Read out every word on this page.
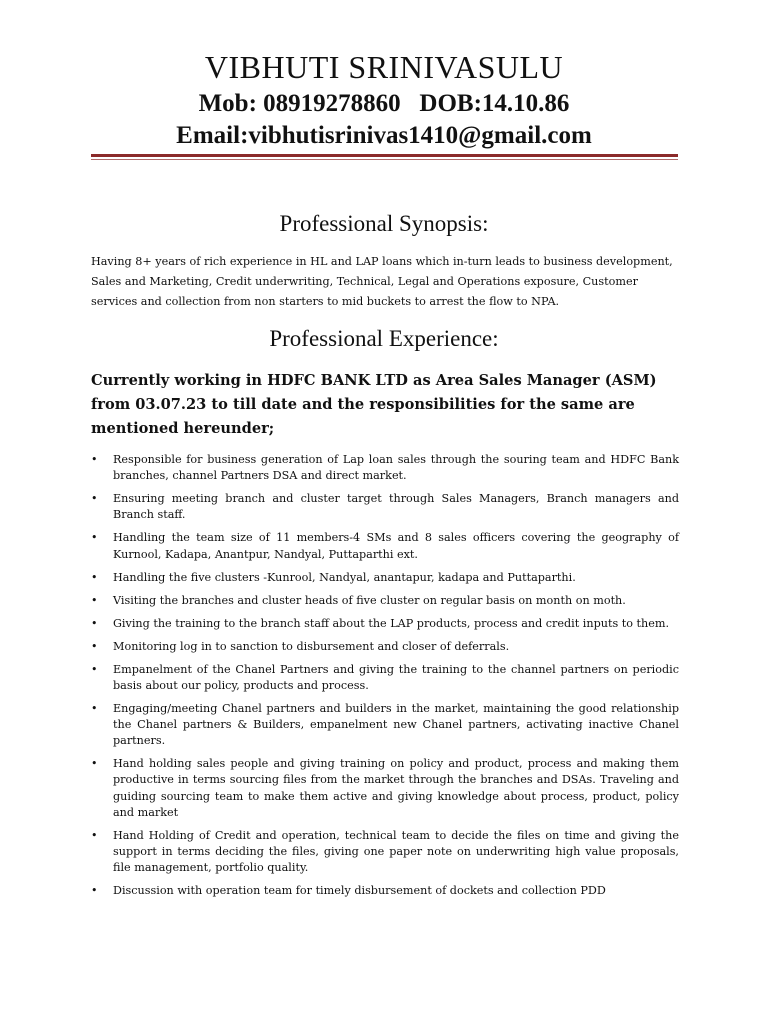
VIBHUTI SRINIVASULU
Mob: 08919278860   DOB:14.10.86
Email:vibhutisrinivas1410@gmail.com
Professional Synopsis:

Having 8+ years of rich experience in HL and LAP loans which in-turn leads to business development, Sales and Marketing, Credit underwriting, Technical, Legal and Operations exposure, Customer services and collection from non starters to mid buckets to arrest the flow to NPA.

Professional Experience:

Currently working in HDFC BANK LTD as Area Sales Manager (ASM) from 03.07.23 to till date and the responsibilities for the same are mentioned hereunder;

•	Responsible for business generation of Lap loan sales through the souring team and HDFC Bank branches, channel Partners DSA and direct market.
•	Ensuring meeting branch and cluster target through Sales Managers, Branch managers and Branch staff.
•	Handling the team size of 11 members-4 SMs and 8 sales officers covering the geography of Kurnool, Kadapa, Anantpur, Nandyal, Puttaparthi ext.
•	Handling the five clusters -Kunrool, Nandyal, anantapur, kadapa and Puttaparthi.
•	Visiting the branches and cluster heads of five cluster on regular basis on month on moth.
•	Giving the training to the branch staff about the LAP products, process and credit inputs to them.
•	Monitoring log in to sanction to disbursement and closer of deferrals.
•	Empanelment of the Chanel Partners and giving the training to the channel partners on periodic basis about our policy, products and process.
•	Engaging/meeting Chanel partners and builders in the market, maintaining the good relationship the Chanel partners & Builders, empanelment new Chanel partners, activating inactive Chanel partners.
•	Hand holding sales people and giving training on policy and product, process and making them productive in terms sourcing files from the market through the branches and DSAs. Traveling and guiding sourcing team to make them active and giving knowledge about process, product, policy and market
•	Hand Holding of Credit and operation, technical team to decide the files on time and giving the support in terms deciding the files, giving one paper note on underwriting high value proposals, file management, portfolio quality.
•	Discussion with operation team for timely disbursement of dockets and collection PDD
